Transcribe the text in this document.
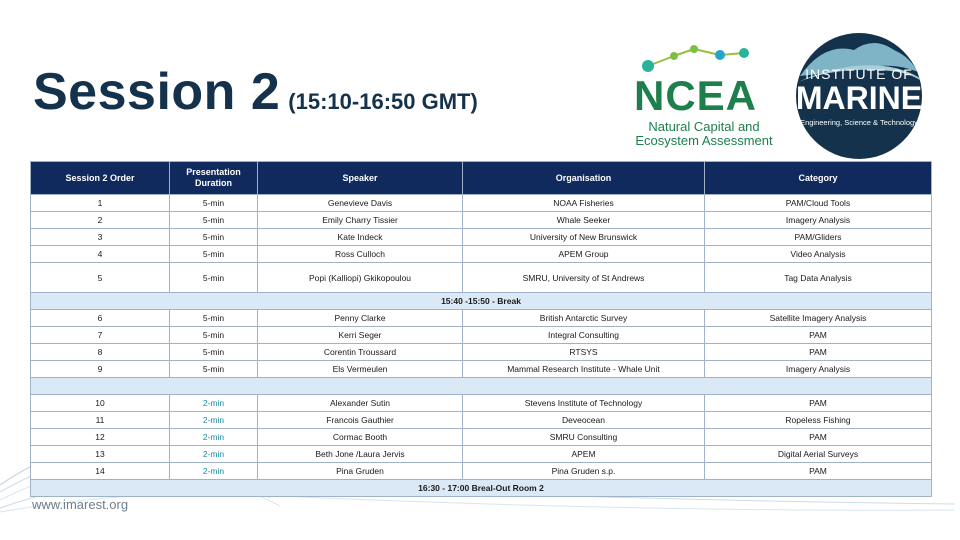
Session 2 (15:10-16:50 GMT)	NCEA
Natural Capital and
Ecosystem Assessment
INSTITUTE OF
MARINE
Engineering, Science & Technology
www.imarest.org
Session 2 Order	Presentation Duration	Speaker	Organisation	Category
1	5-min	Genevieve Davis	NOAA Fisheries	PAM/Cloud Tools
2	5-min	Emily Charry Tissier	Whale Seeker	Imagery Analysis
3	5-min	Kate Indeck	University of New Brunswick	PAM/Gliders
4	5-min	Ross Culloch	APEM Group	Video Analysis
5	5-min	Popi (Kalliopi) Gkikopoulou	SMRU, University of St Andrews	Tag Data Analysis
15:40 -15:50 - Break				
6	5-min	Penny Clarke	British Antarctic Survey	Satellite Imagery Analysis
7	5-min	Kerri Seger	Integral Consulting	PAM
8	5-min	Corentin Troussard	RTSYS	PAM
9	5-min	Els Vermeulen	Mammal Research Institute - Whale Unit	Imagery Analysis

10	2-min	Alexander Sutin	Stevens Institute of Technology	PAM
11	2-min	Francois Gauthier	Deveocean	Ropeless Fishing
12	2-min	Cormac Booth	SMRU Consulting	PAM
13	2-min	Beth Jone /Laura Jervis	APEM	Digital Aerial Surveys
14	2-min	Pina Gruden	Pina Gruden s.p.	PAM
16:30 - 17:00 Breal-Out Room 2				
